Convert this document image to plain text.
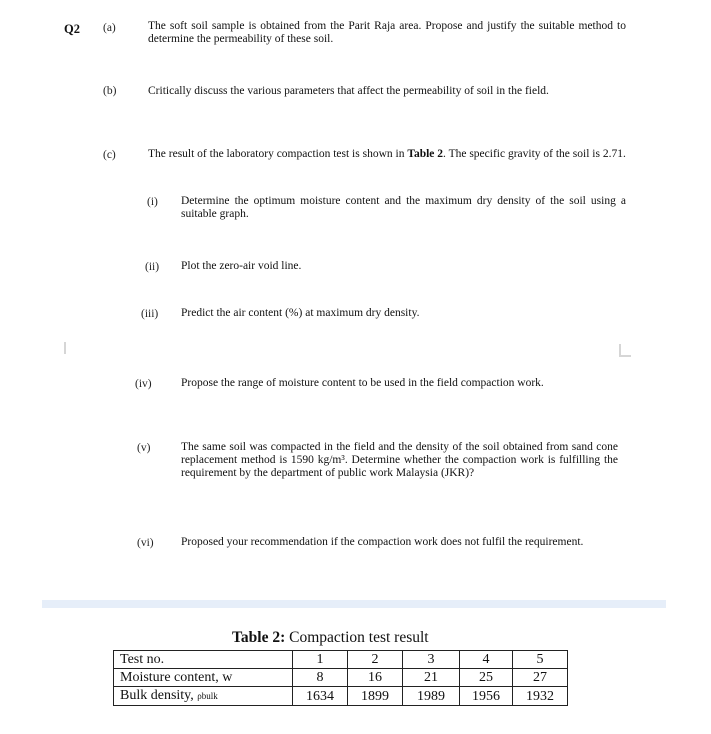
Q2 (a)	The soft soil sample is obtained from the Parit Raja area. Propose and justify the suitable method to determine the permeability of these soil.
(b)	Critically discuss the various parameters that affect the permeability of soil in the field.
(c)	The result of the laboratory compaction test is shown in Table 2. The specific gravity of the soil is 2.71.
(i) Determine the optimum moisture content and the maximum dry density of the soil using a suitable graph.
(ii) Plot the zero-air void line.
(iii) Predict the air content (%) at maximum dry density.
(iv)	Propose the range of moisture content to be used in the field compaction work.
(v)	The same soil was compacted in the field and the density of the soil obtained from sand cone replacement method is 1590 kg/m³. Determine whether the compaction work is fulfilling the requirement by the department of public work Malaysia (JKR)?
(vi) Proposed your recommendation if the compaction work does not fulfil the requirement.
Table 2: Compaction test result
Test no.	1	2	3	4	5
Moisture content, w	8	16	21	25	27
Bulk density, ρbulk	1634	1899	1989	1956	1932
